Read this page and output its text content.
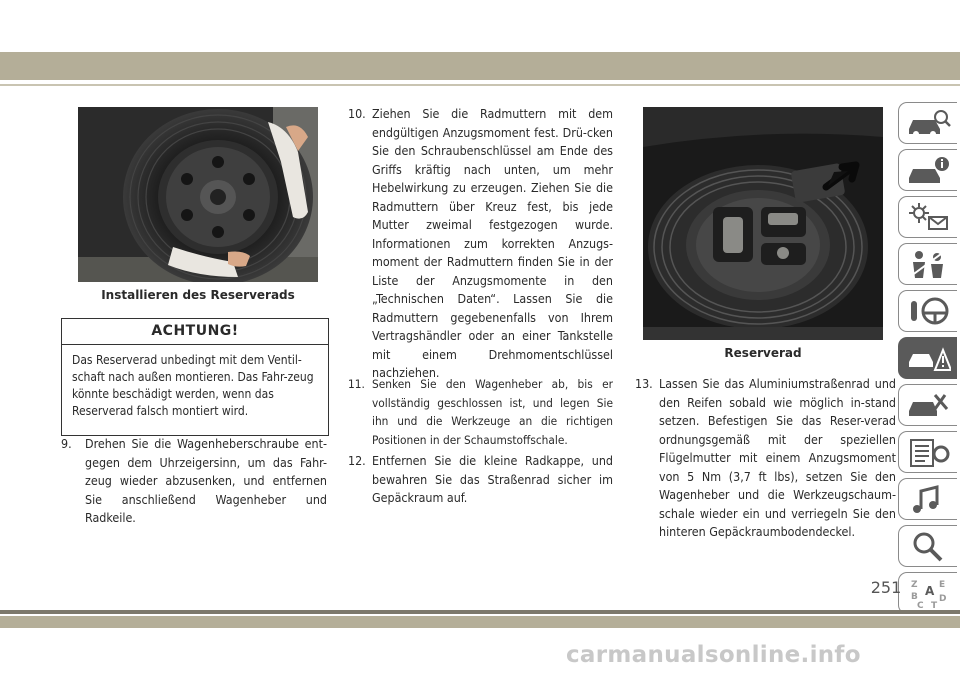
Installieren des Reserverads
ACHTUNG!
Das Reserverad unbedingt mit dem Ventil-schaft nach außen montieren. Das Fahr-zeug könnte beschädigt werden, wenn das Reserverad falsch montiert wird.
9. Drehen Sie die Wagenheberschraube ent-gegen dem Uhrzeigersinn, um das Fahr-zeug wieder abzusenken, und entfernen Sie anschließend Wagenheber und Radkeile.
10. Ziehen Sie die Radmuttern mit dem endgültigen Anzugsmoment fest. Drü-cken Sie den Schraubenschlüssel am Ende des Griffs kräftig nach unten, um mehr Hebelwirkung zu erzeugen. Ziehen Sie die Radmuttern über Kreuz fest, bis jede Mutter zweimal festgezogen wurde. Informationen zum korrekten Anzugs-moment der Radmuttern finden Sie in der Liste der Anzugsmomente in den „Technischen Daten“. Lassen Sie die Radmuttern gegebenenfalls von Ihrem Vertragshändler oder an einer Tankstelle mit einem Drehmomentschlüssel nachziehen.
11. Senken Sie den Wagenheber ab, bis er vollständig geschlossen ist, und legen Sie ihn und die Werkzeuge an die richtigen Positionen in der Schaumstoffschale.
12. Entfernen Sie die kleine Radkappe, und bewahren Sie das Straßenrad sicher im Gepäckraum auf.
Reserverad
13. Lassen Sie das Aluminiumstraßenrad und den Reifen sobald wie möglich in-stand setzen. Befestigen Sie das Reser-verad ordnungsgemäß mit der speziellen Flügelmutter mit einem Anzugsmoment von 5 Nm (3,7 ft lbs), setzen Sie den Wagenheber und die Werkzeugschaum-schale wieder ein und verriegeln Sie den hinteren Gepäckraumbodendeckel.
Z E
A
B D
C T
251
carmanualsonline.info
